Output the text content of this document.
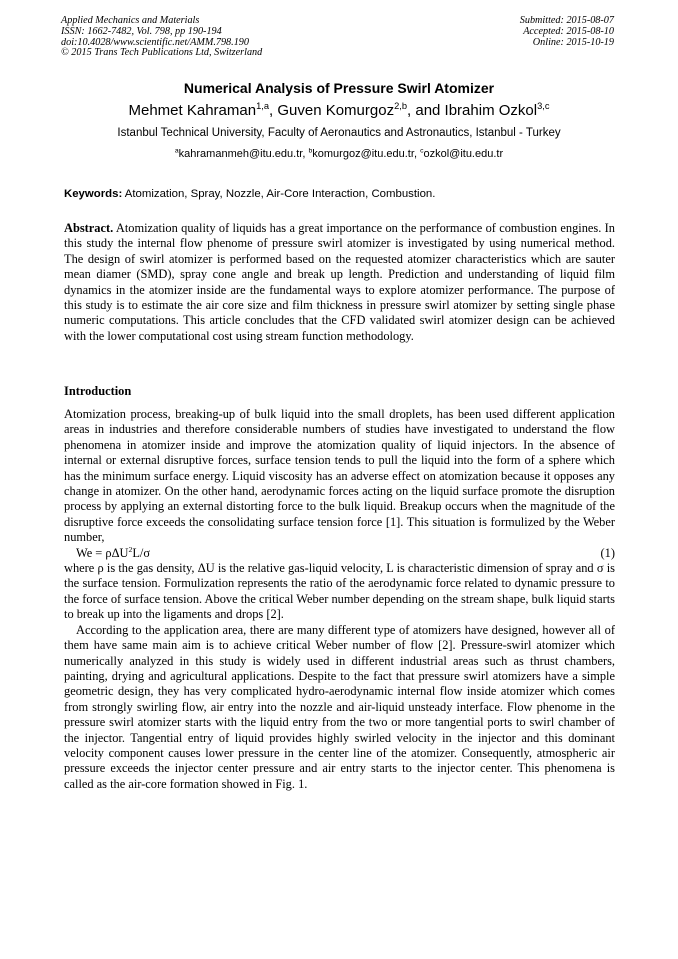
Applied Mechanics and Materials
ISSN: 1662-7482, Vol. 798, pp 190-194
doi:10.4028/www.scientific.net/AMM.798.190
© 2015 Trans Tech Publications Ltd, Switzerland
Submitted: 2015-08-07
Accepted: 2015-08-10
Online: 2015-10-19
Numerical Analysis of Pressure Swirl Atomizer
Mehmet Kahraman$^{1,a}$, Guven Komurgoz$^{2,b}$, and Ibrahim Ozkol$^{3,c}$
Istanbul Technical University, Faculty of Aeronautics and Astronautics, Istanbul - Turkey
$^a$kahramanmeh@itu.edu.tr, $^b$komurgoz@itu.edu.tr, $^c$ozkol@itu.edu.tr
Keywords: Atomization, Spray, Nozzle, Air-Core Interaction, Combustion.
Abstract. Atomization quality of liquids has a great importance on the performance of combustion engines. In this study the internal flow phenome of pressure swirl atomizer is investigated by using numerical method. The design of swirl atomizer is performed based on the requested atomizer characteristics which are sauter mean diamer (SMD), spray cone angle and break up length. Prediction and understanding of liquid film dynamics in the atomizer inside are the fundamental ways to explore atomizer performance. The purpose of this study is to estimate the air core size and film thickness in pressure swirl atomizer by setting single phase numeric computations. This article concludes that the CFD validated swirl atomizer design can be achieved with the lower computational cost using stream function methodology.
Introduction

Atomization process, breaking-up of bulk liquid into the small droplets, has been used different application areas in industries and therefore considerable numbers of studies have investigated to understand the flow phenomena in atomizer inside and improve the atomization quality of liquid injectors. In the absence of internal or external disruptive forces, surface tension tends to pull the liquid into the form of a sphere which has the minimum surface energy. Liquid viscosity has an adverse effect on atomization because it opposes any change in atomizer. On the other hand, aerodynamic forces acting on the liquid surface promote the disruption process by applying an external distorting force to the bulk liquid. Breakup occurs when the magnitude of the disruptive force exceeds the consolidating surface tension force [1]. This situation is formulized by the Weber number,

We = ρΔU$^2$L/σ	(1)

where ρ is the gas density, ΔU is the relative gas-liquid velocity, L is characteristic dimension of spray and σ is the surface tension. Formulization represents the ratio of the aerodynamic force related to dynamic pressure to the force of surface tension. Above the critical Weber number depending on the stream shape, bulk liquid starts to break up into the ligaments and drops [2].

According to the application area, there are many different type of atomizers have designed, however all of them have same main aim is to achieve critical Weber number of flow [2]. Pressure-swirl atomizer which numerically analyzed in this study is widely used in different industrial areas such as thrust chambers, painting, drying and agricultural applications. Despite to the fact that pressure swirl atomizers have a simple geometric design, they has very complicated hydro-aerodynamic internal flow inside atomizer which comes from strongly swirling flow, air entry into the nozzle and air-liquid unsteady interface. Flow phenome in the pressure swirl atomizer starts with the liquid entry from the two or more tangential ports to swirl chamber of the injector. Tangential entry of liquid provides highly swirled velocity in the injector and this dominant velocity component causes lower pressure in the center line of the atomizer. Consequently, atmospheric air pressure exceeds the injector center pressure and air entry starts to the injector center. This phenomena is called as the air-core formation showed in Fig. 1.
